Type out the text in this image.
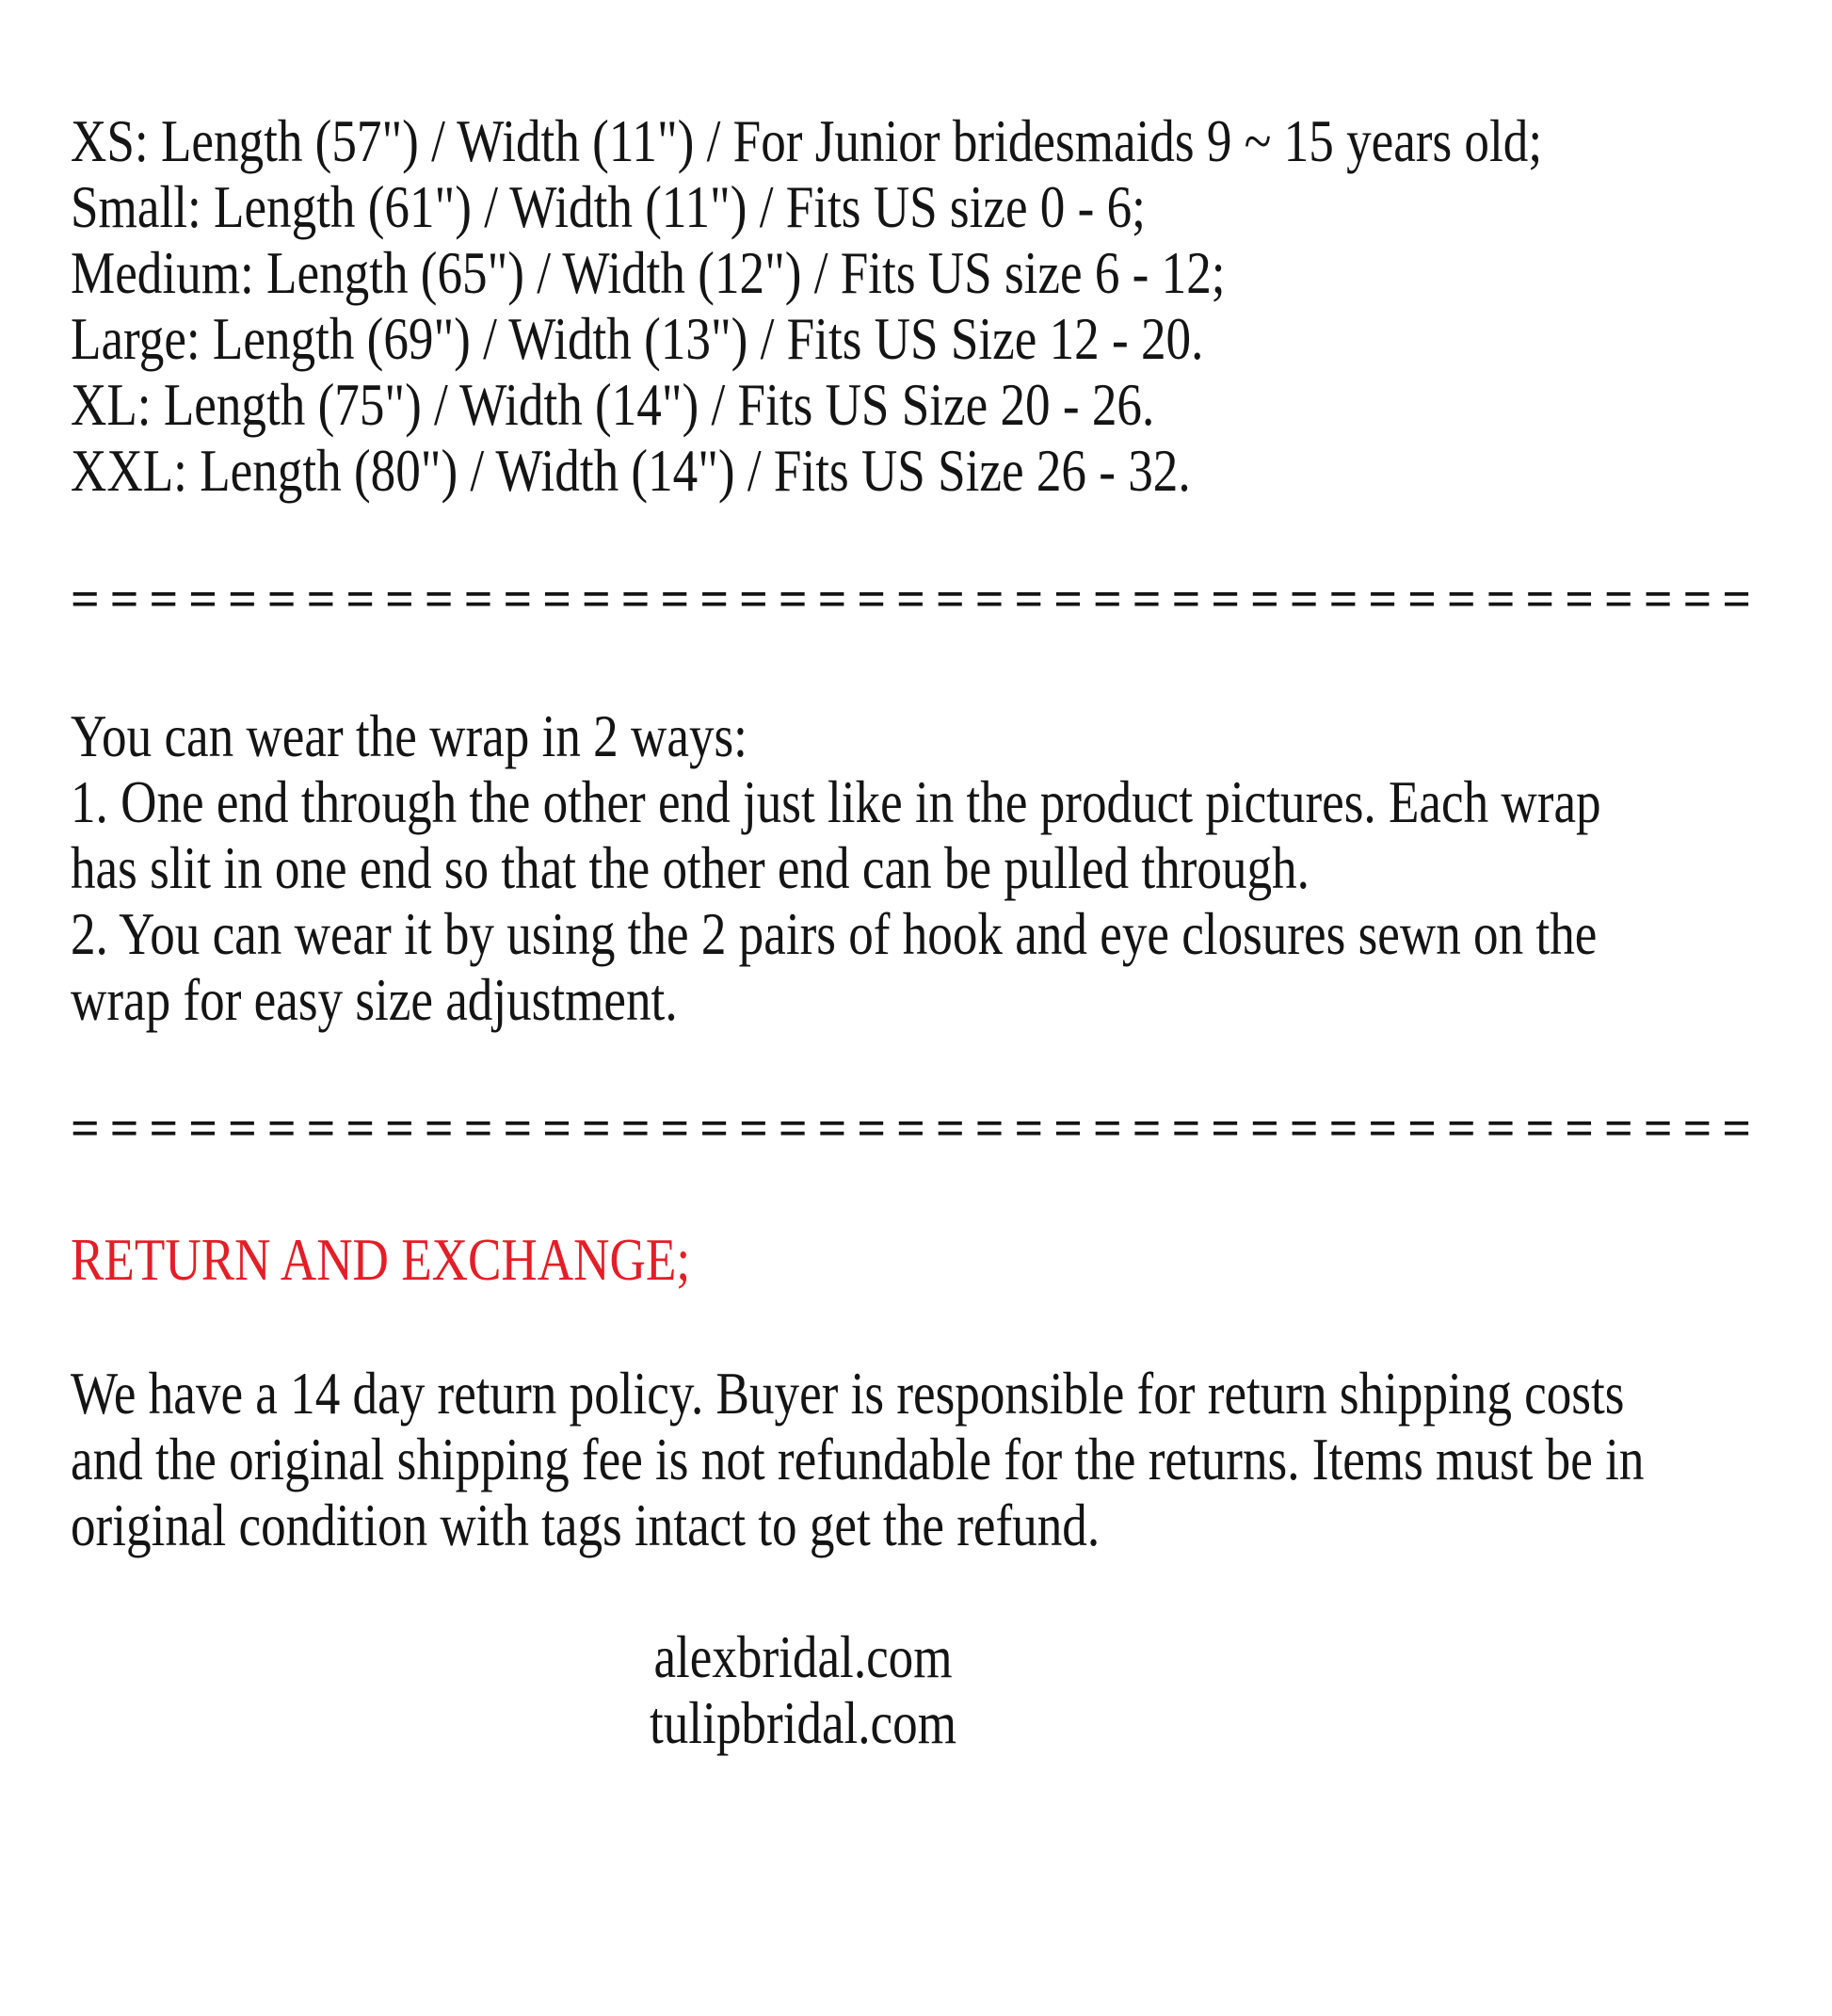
XS: Length (57") / Width (11") / For Junior bridesmaids 9 ~ 15 years old;
Small: Length (61") / Width (11") / Fits US size 0 - 6;
Medium: Length (65") / Width (12") / Fits US size 6 - 12;
Large: Length (69") / Width (13") / Fits US Size 12 - 20.
XL: Length (75") / Width (14") / Fits US Size 20 - 26.
XXL: Length (80") / Width (14") / Fits US Size 26 - 32.
===========================================
You can wear the wrap in 2 ways:
1. One end through the other end just like in the product pictures. Each wrap
has slit in one end so that the other end can be pulled through.
2. You can wear it by using the 2 pairs of hook and eye closures sewn on the
wrap for easy size adjustment.
===========================================
RETURN AND EXCHANGE;
We have a 14 day return policy. Buyer is responsible for return shipping costs
and the original shipping fee is not refundable for the returns. Items must be in
original condition with tags intact to get the refund.
alexbridal.com
tulipbridal.com
